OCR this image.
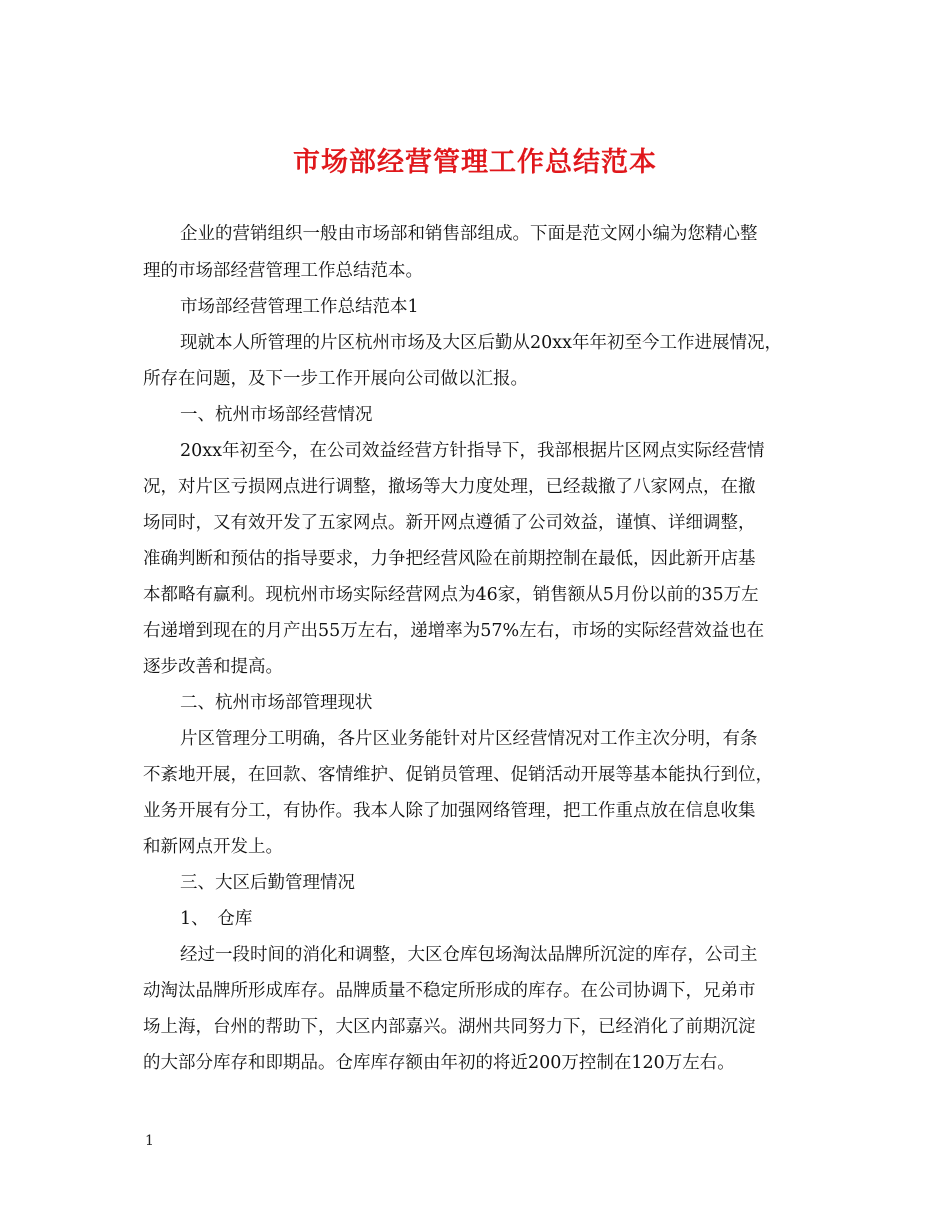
市场部经营管理工作总结范本
企业的营销组织一般由市场部和销售部组成。下面是范文网小编为您精心整
理的市场部经营管理工作总结范本。
市场部经营管理工作总结范本1
现就本人所管理的片区杭州市场及大区后勤从20xx年年初至今工作进展情况，
所存在问题，及下一步工作开展向公司做以汇报。
一、杭州市场部经营情况
20xx年初至今，在公司效益经营方针指导下，我部根据片区网点实际经营情
况，对片区亏损网点进行调整，撤场等大力度处理，已经裁撤了八家网点，在撤
场同时，又有效开发了五家网点。新开网点遵循了公司效益，谨慎、详细调整，
准确判断和预估的指导要求，力争把经营风险在前期控制在最低，因此新开店基
本都略有赢利。现杭州市场实际经营网点为46家，销售额从5月份以前的35万左
右递增到现在的月产出55万左右，递增率为57%左右，市场的实际经营效益也在
逐步改善和提高。
二、杭州市场部管理现状
片区管理分工明确，各片区业务能针对片区经营情况对工作主次分明，有条
不紊地开展，在回款、客情维护、促销员管理、促销活动开展等基本能执行到位，
业务开展有分工，有协作。我本人除了加强网络管理，把工作重点放在信息收集
和新网点开发上。
三、大区后勤管理情况
1、　仓库
经过一段时间的消化和调整，大区仓库包场淘汰品牌所沉淀的库存，公司主
动淘汰品牌所形成库存。品牌质量不稳定所形成的库存。在公司协调下，兄弟市
场上海，台州的帮助下，大区内部嘉兴。湖州共同努力下，已经消化了前期沉淀
的大部分库存和即期品。仓库库存额由年初的将近200万控制在120万左右。
1
